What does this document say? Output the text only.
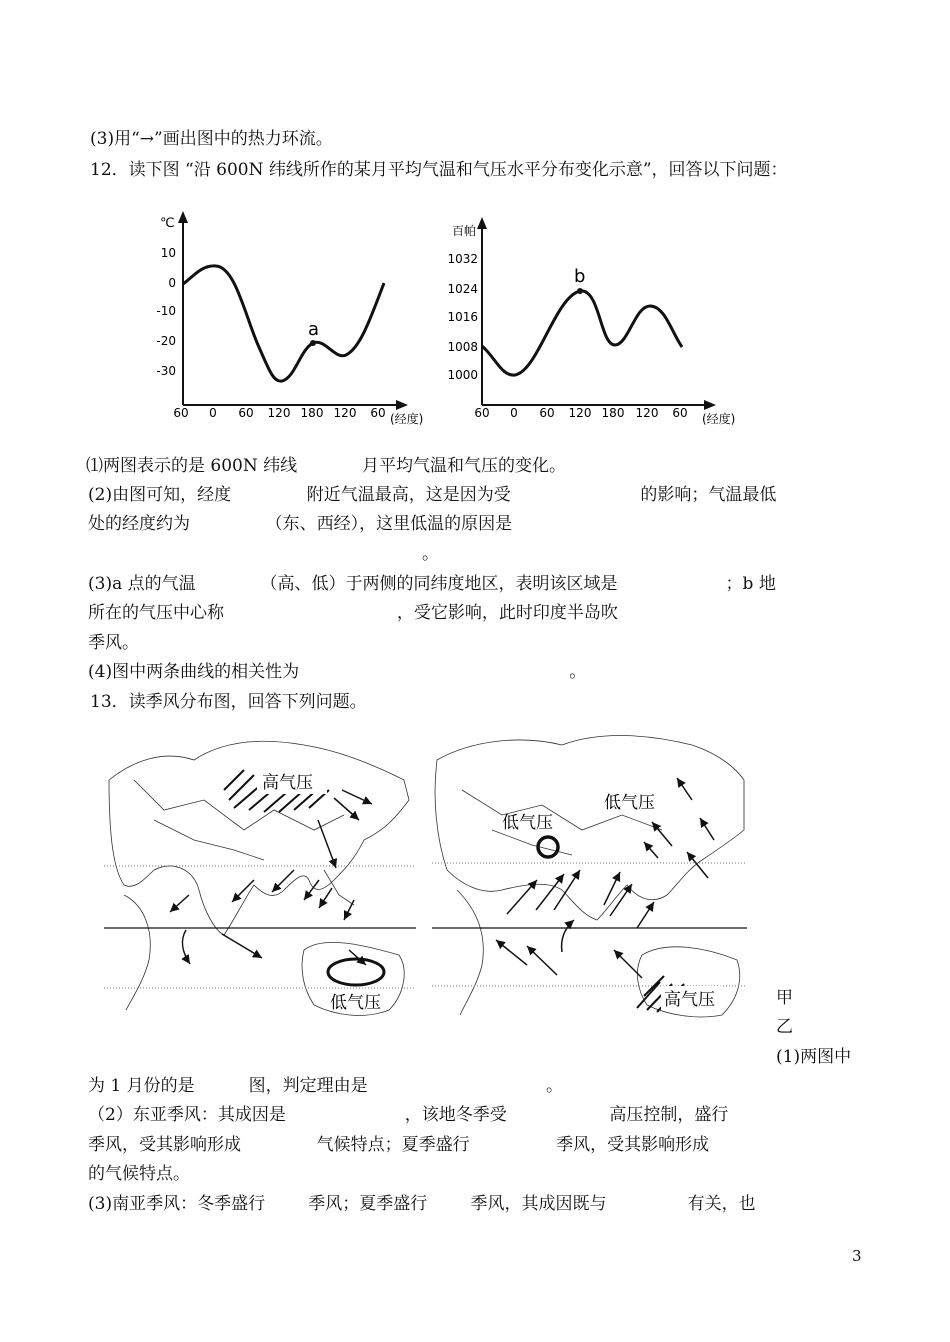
(3)用“→”画出图中的热力环流。
12．读下图 “沿 600N 纬线所作的某月平均气温和气压水平分布变化示意”，回答以下问题：
℃
10
0
-10
-20
-30
60 0 60 120 180 120 60 (经度)
a
百帕
1032
1024
1016
1008
1000
60 0 60 120 180 120 60 (经度)
b
⑴两图表示的是 600N 纬线            月平均气温和气压的变化。
(2)由图可知，经度              附近气温最高，这是因为受                        的影响；气温最低
处的经度约为              （东、西经），这里低温的原因是
。
(3)a 点的气温            （高、低）于两侧的同纬度地区，表明该区域是                    ；b 地
所在的气压中心称                                ，受它影响，此时印度半岛吹
季风。
(4)图中两条曲线的相关性为                                                  。
13．读季风分布图，回答下列问题。
高气压
低气压
低气压
低气压
高气压	甲
乙
(1)两图中
为 1 月份的是          图，判定理由是                                 。
（2）东亚季风：其成因是                      ，该地冬季受                   高压控制，盛行
季风，受其影响形成              气候特点；夏季盛行                季风，受其影响形成
的气候特点。
(3)南亚季风：冬季盛行        季风；夏季盛行        季风，其成因既与               有关，也
3
